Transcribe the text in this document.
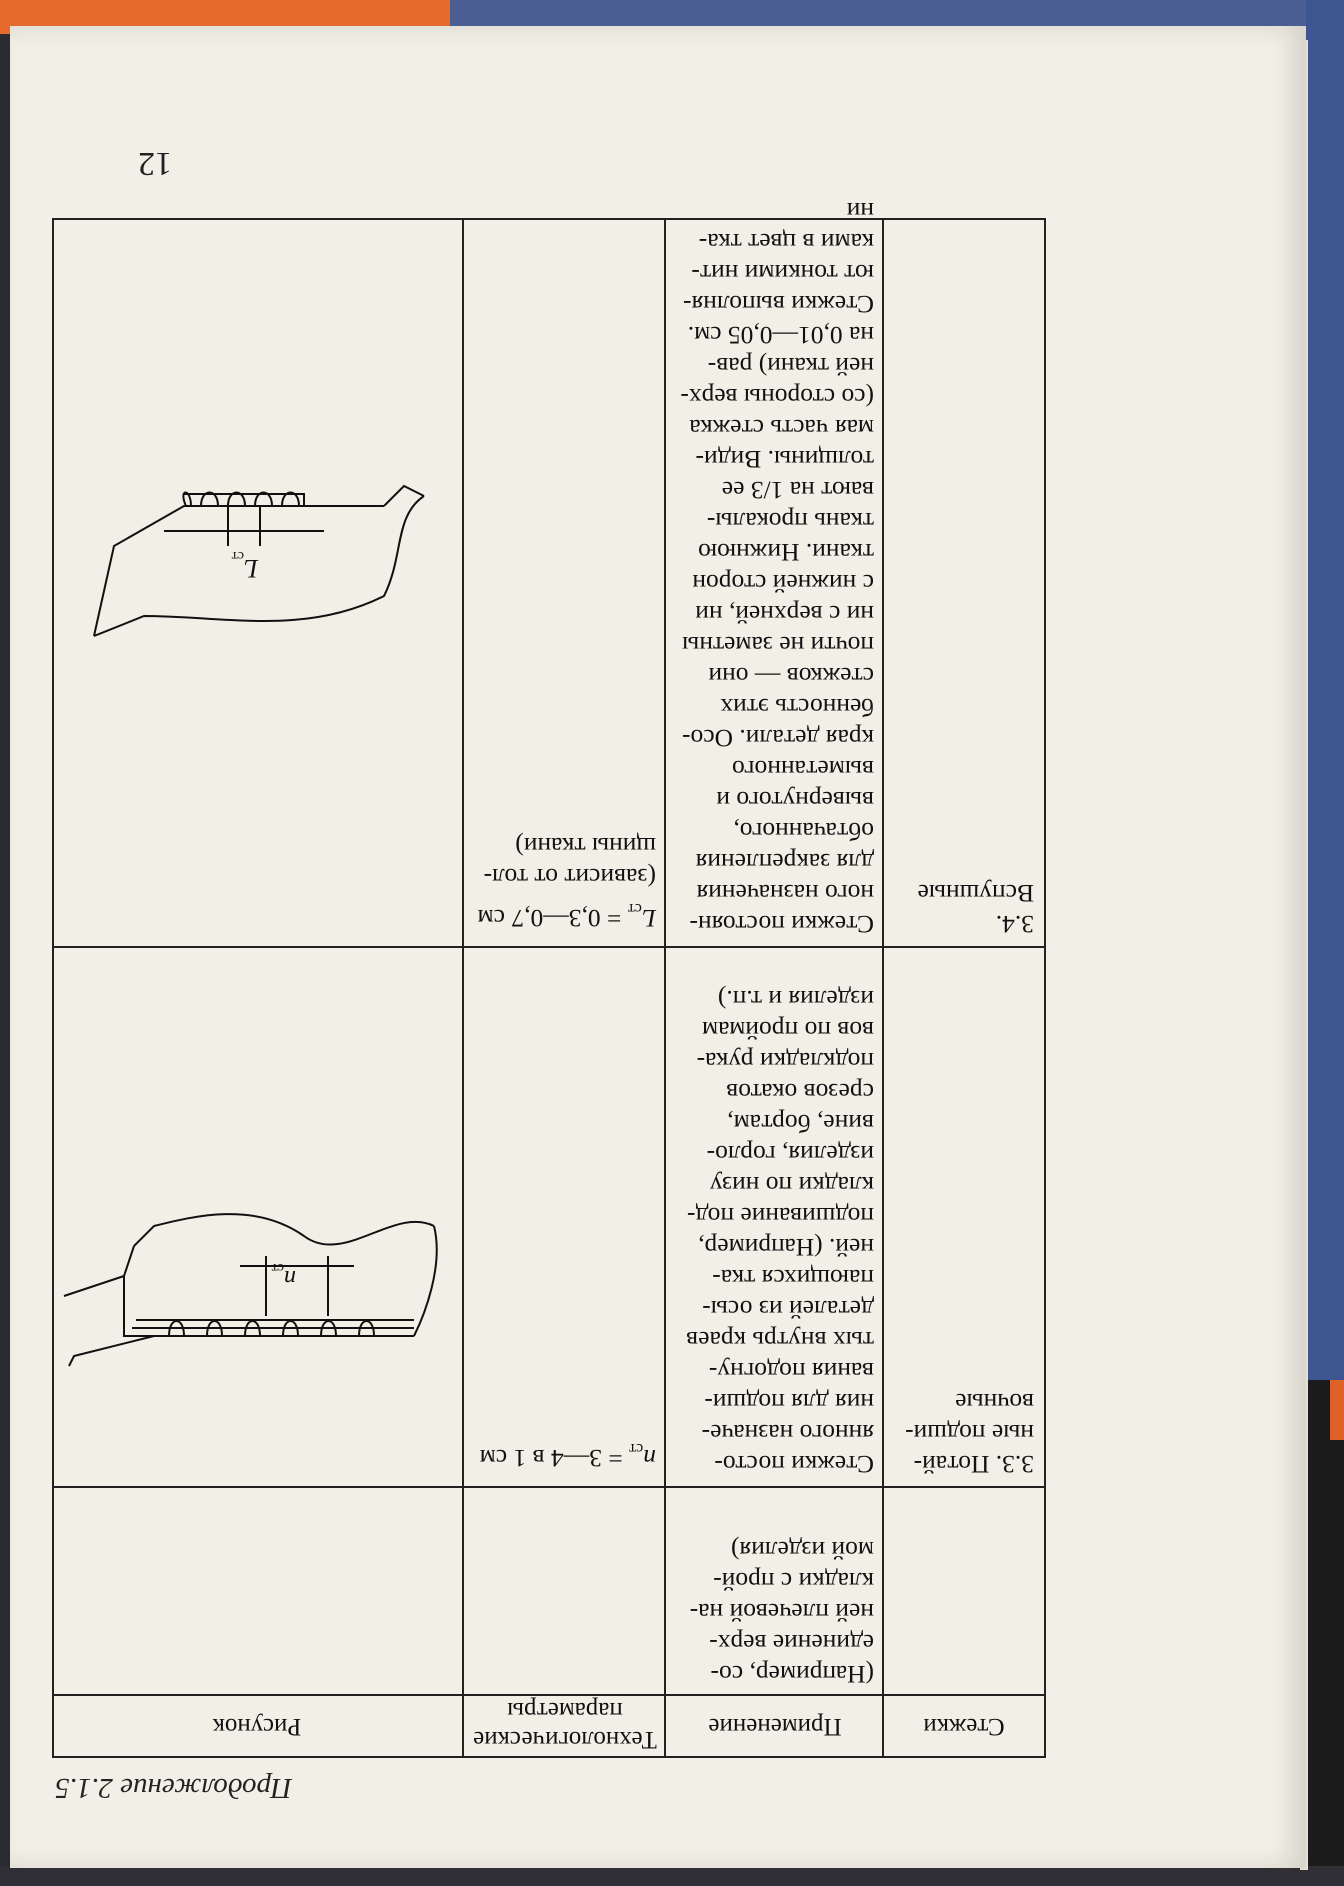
12
Продолжение 2.1.5
Стежки
Применение
Технологические
параметры
Рисунок

(Например, со-

единение верх-

ней плечевой на-

кладки с прой-

мой изделия)

3.3. Потай-

ные подши-

вочные

Стежки посто-

янного назначе-

ния для подши-

вания подогну-

тых внутрь краев

деталей из осы-

пающихся тка-

ней. (Например,

подшивание под-

кладки по низу

изделия, горло-

вине, бортам,

срезов окатов

подкладки рука-

вов по проймам

изделия и т.п.)

$n_{ст}$ = 3—4 в 1 см
n
ст

3.4. Вспушные

Стежки постоян-

ного назначения

для закрепления

обтачанного,

вывернутого и

выметанного

края детали. Осо-

бенность этих

стежков — они

почти не заметны

ни с верхней, ни

с нижней сторон

ткани. Нижнюю

ткань прокалы-

вают на 1/3 ее

толщины. Види-

мая часть стежка

(со стороны верх-

ней ткани) рав-

на 0,01—0,05 см.

Стежки выполня-

ют тонкими нит-

ками в цвет тка-

ни

$L_{ст}$ = 0,3—0,7 см

(зависит от тол-

щины ткани)

L
ст
